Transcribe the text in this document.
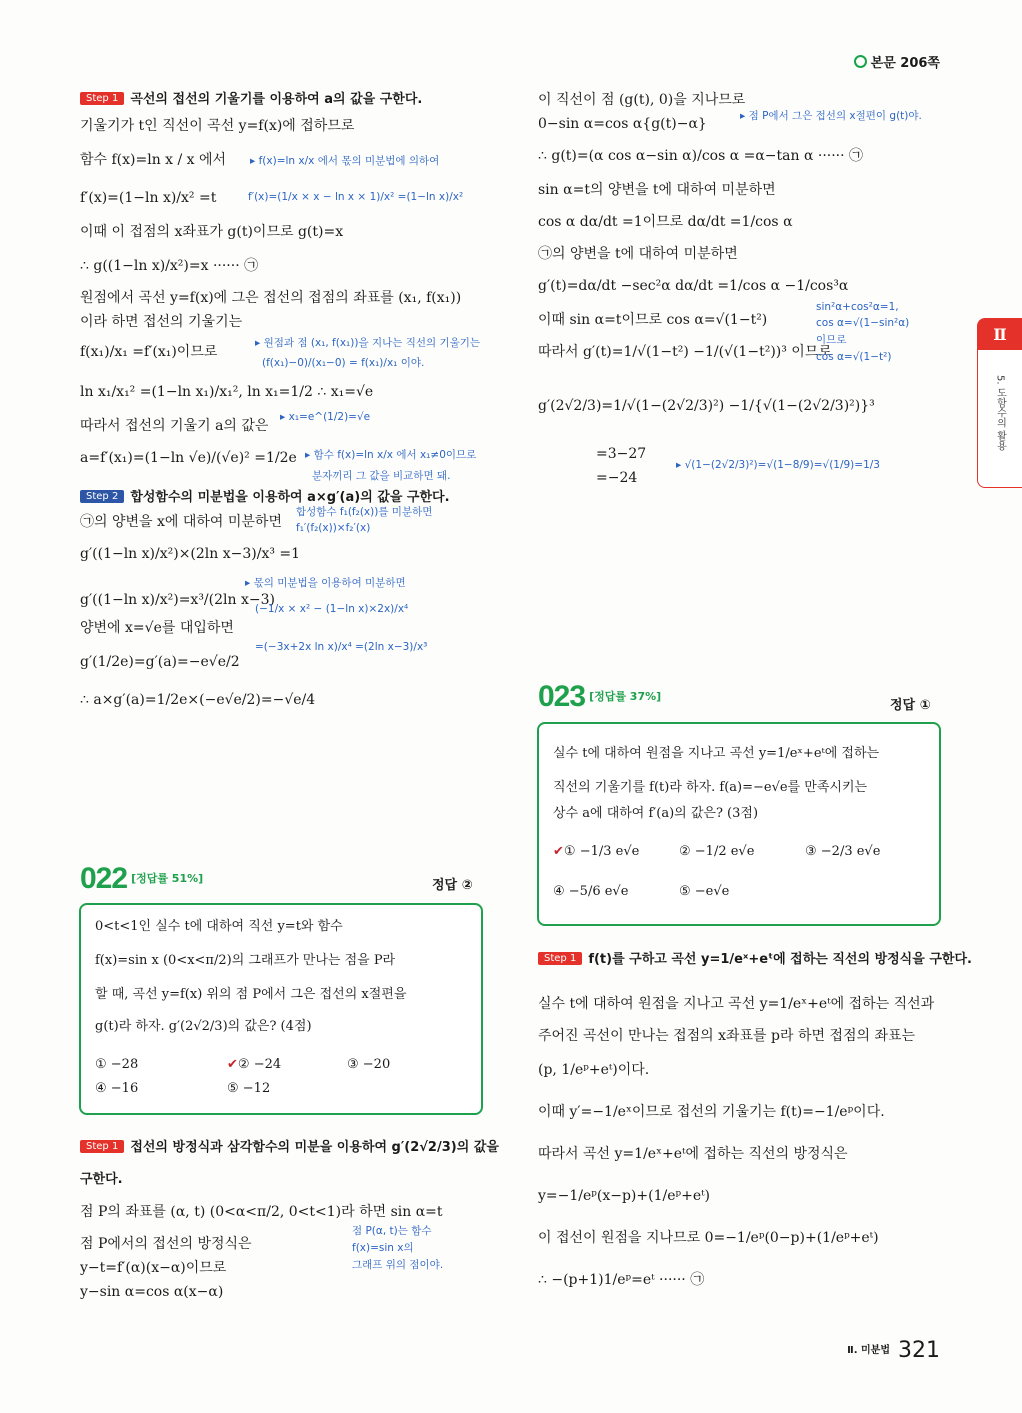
본문 206쪽
Ⅱ
5. 도함수의 활용
Step 1 곡선의 접선의 기울기를 이용하여 a의 값을 구한다.
기울기가 t인 직선이 곡선 y=f(x)에 접하므로
함수 f(x)=ln x / x 에서
f′(x)=(1−ln x)/x² =t
이때 이 접점의 x좌표가 g(t)이므로 g(t)=x
∴ g((1−ln x)/x²)=x ······ ㉠
원점에서 곡선 y=f(x)에 그은 접선의 접점의 좌표를 (x₁, f(x₁))
이라 하면 접선의 기울기는
f(x₁)/x₁ =f′(x₁)이므로
ln x₁/x₁² =(1−ln x₁)/x₁², ln x₁=1/2 ∴ x₁=√e
따라서 접선의 기울기 a의 값은
a=f′(x₁)=(1−ln √e)/(√e)² =1/2e
▸ f(x)=ln x/x 에서 몫의 미분법에 의하여
f′(x)=(1/x × x − ln x × 1)/x² =(1−ln x)/x²
▸ 원점과 점 (x₁, f(x₁))을 지나는 직선의 기울기는
(f(x₁)−0)/(x₁−0) = f(x₁)/x₁ 이야.
▸ x₁=e^(1/2)=√e
▸ 함수 f(x)=ln x/x 에서 x₁≠0이므로
분자끼리 그 값을 비교하면 돼.
Step 2 합성함수의 미분법을 이용하여 a×g′(a)의 값을 구한다.
㉠의 양변을 x에 대하여 미분하면
g′((1−ln x)/x²)×(2ln x−3)/x³ =1
g′((1−ln x)/x²)=x³/(2ln x−3)
양변에 x=√e를 대입하면
g′(1/2e)=g′(a)=−e√e/2
∴ a×g′(a)=1/2e×(−e√e/2)=−√e/4
합성함수 f₁(f₂(x))를 미분하면
f₁′(f₂(x))×f₂′(x)
▸ 몫의 미분법을 이용하여 미분하면
(−1/x × x² − (1−ln x)×2x)/x⁴
=(−3x+2x ln x)/x⁴ =(2ln x−3)/x³
022 [정답률 51%]	정답 ②
0<t<1인 실수 t에 대하여 직선 y=t와 함수
f(x)=sin x (0<x<π/2)의 그래프가 만나는 점을 P라
할 때, 곡선 y=f(x) 위의 점 P에서 그은 접선의 x절편을
g(t)라 하자. g′(2√2/3)의 값은? (4점)
① −28	✔② −24	③ −20
④ −16	⑤ −12
Step 1 접선의 방정식과 삼각함수의 미분을 이용하여 g′(2√2/3)의 값을
구한다.
점 P의 좌표를 (α, t) (0<α<π/2, 0<t<1)라 하면 sin α=t
점 P에서의 접선의 방정식은
y−t=f′(α)(x−α)이므로
y−sin α=cos α(x−α)
점 P(α, t)는 함수
f(x)=sin x의
그래프 위의 점이야.
이 직선이 점 (g(t), 0)을 지나므로
0−sin α=cos α{g(t)−α}
∴ g(t)=(α cos α−sin α)/cos α =α−tan α ······ ㉠
sin α=t의 양변을 t에 대하여 미분하면
cos α dα/dt =1이므로 dα/dt =1/cos α
㉠의 양변을 t에 대하여 미분하면
g′(t)=dα/dt −sec²α dα/dt =1/cos α −1/cos³α
이때 sin α=t이므로 cos α=√(1−t²)
따라서 g′(t)=1/√(1−t²) −1/(√(1−t²))³ 이므로
g′(2√2/3)=1/√(1−(2√2/3)²) −1/{√(1−(2√2/3)²)}³
=3−27
=−24
▸ 점 P에서 그은 접선의 x절편이 g(t)야.
sin²α+cos²α=1,
cos α=√(1−sin²α)
이므로
cos α=√(1−t²)
▸ √(1−(2√2/3)²)=√(1−8/9)=√(1/9)=1/3
023 [정답률 37%]
정답 ①
실수 t에 대하여 원점을 지나고 곡선 y=1/eˣ+eᵗ에 접하는
직선의 기울기를 f(t)라 하자. f(a)=−e√e를 만족시키는
상수 a에 대하여 f′(a)의 값은? (3점)
✔① −1/3 e√e	② −1/2 e√e	③ −2/3 e√e
④ −5/6 e√e	⑤ −e√e
Step 1 f(t)를 구하고 곡선 y=1/eˣ+eᵗ에 접하는 직선의 방정식을 구한다.
실수 t에 대하여 원점을 지나고 곡선 y=1/eˣ+eᵗ에 접하는 직선과
주어진 곡선이 만나는 접점의 x좌표를 p라 하면 접점의 좌표는
(p, 1/eᵖ+eᵗ)이다.
이때 y′=−1/eˣ이므로 접선의 기울기는 f(t)=−1/eᵖ이다.
따라서 곡선 y=1/eˣ+eᵗ에 접하는 직선의 방정식은
y=−1/eᵖ(x−p)+(1/eᵖ+eᵗ)
이 접선이 원점을 지나므로 0=−1/eᵖ(0−p)+(1/eᵖ+eᵗ)
∴ −(p+1)1/eᵖ=eᵗ ······ ㉠
$^{Ⅱ. 미분법}$ 321
